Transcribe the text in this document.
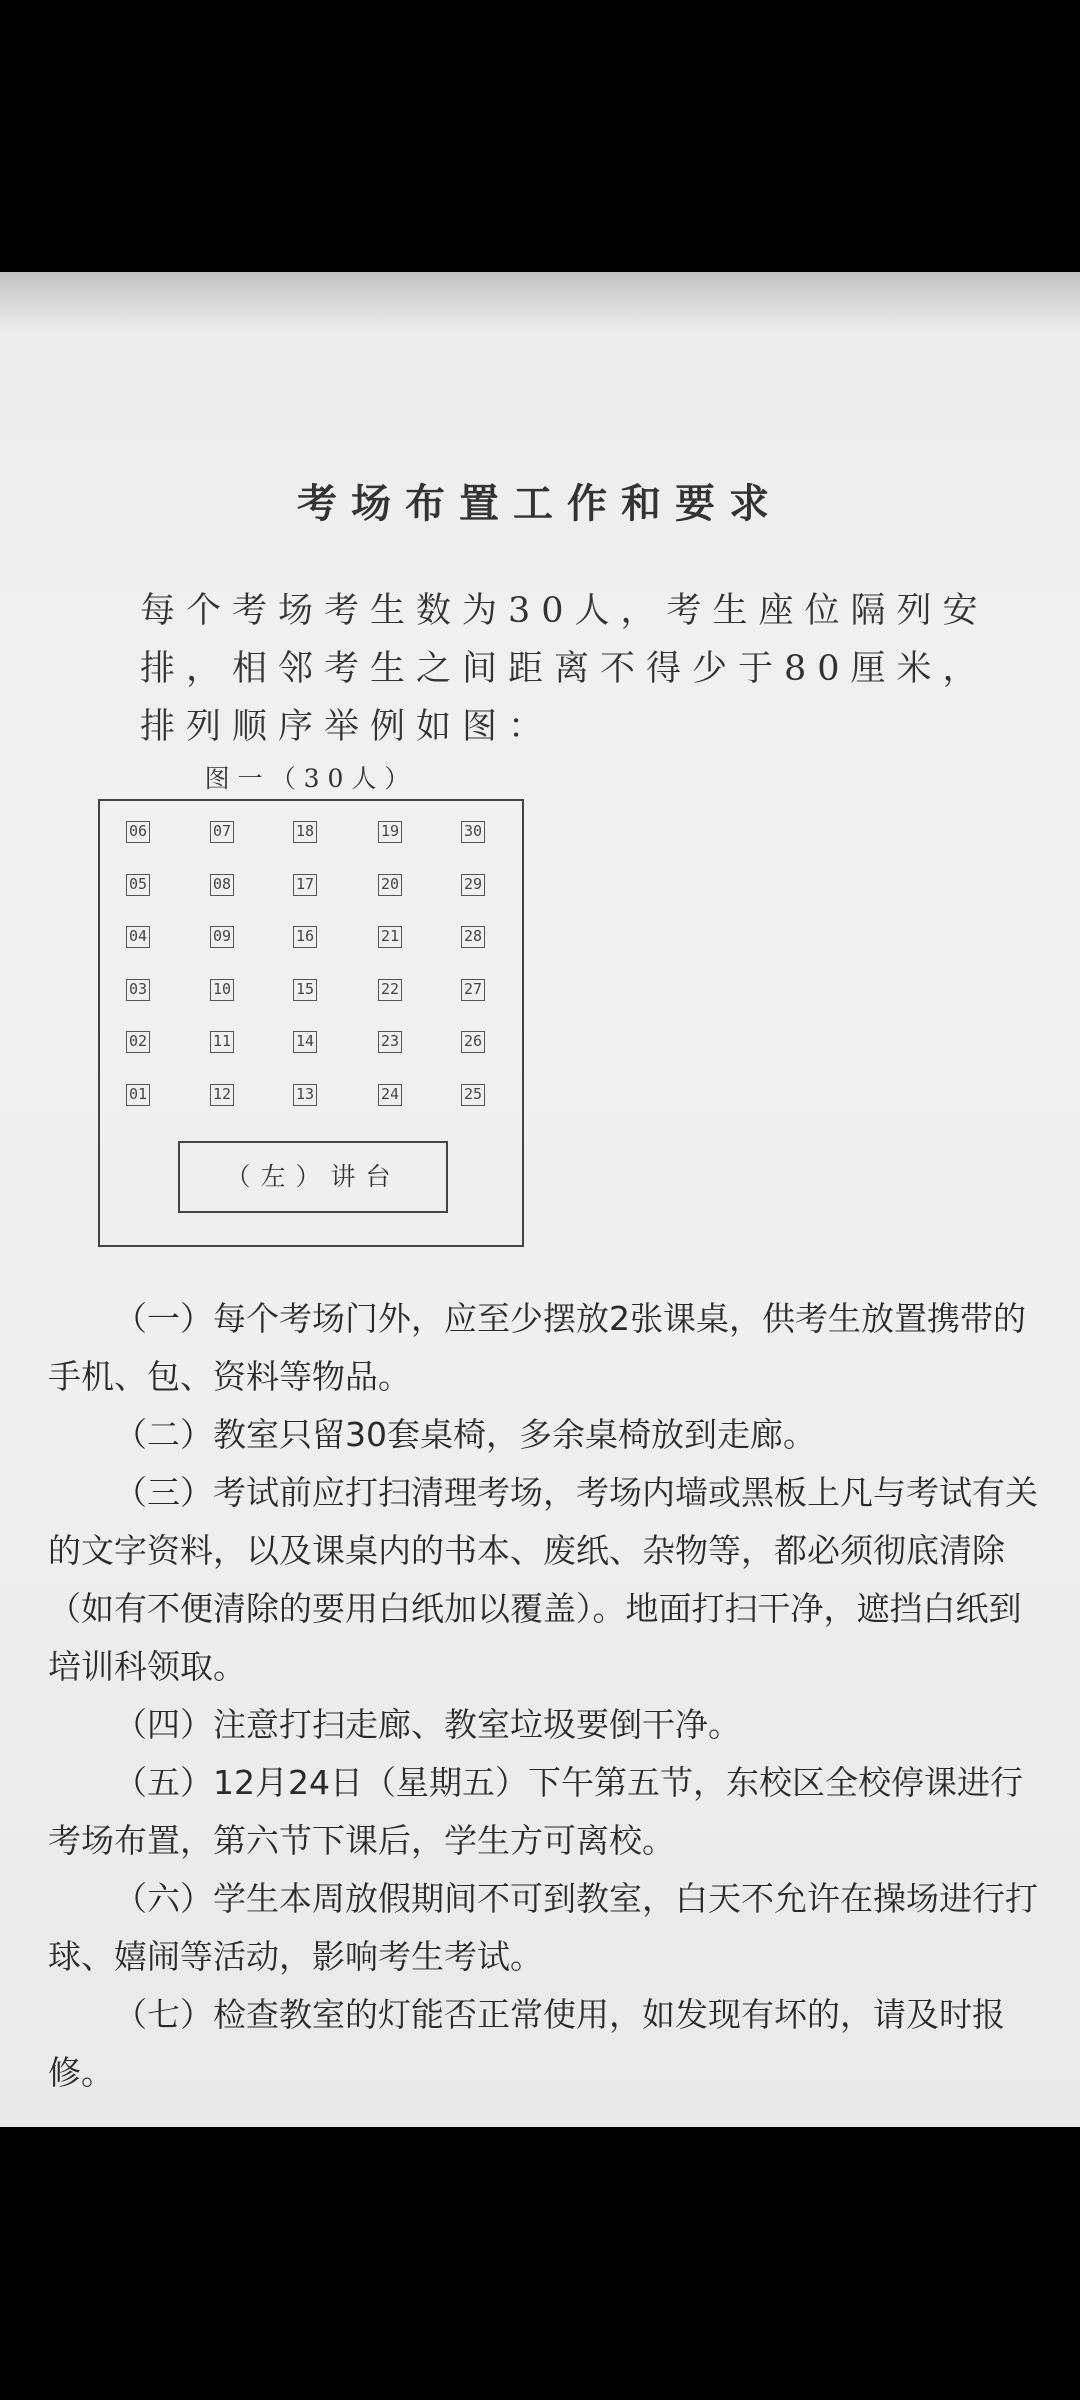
考场布置工作和要求
每个考场考生数为30人，考生座位隔列安排，相邻考生之间距离不得少于80厘米，排列顺序举例如图：
图一（30人）
（左）讲台
06	07	18	19	30
05	08	17	20	29
04	09	16	21	28
03	10	15	22	27
02	11	14	23	26
01	12	13	24	25

（一）每个考场门外，应至少摆放2张课桌，供考生放置携带的手机、包、资料等物品。

（二）教室只留30套桌椅，多余桌椅放到走廊。

（三）考试前应打扫清理考场，考场内墙或黑板上凡与考试有关的文字资料，以及课桌内的书本、废纸、杂物等，都必须彻底清除（如有不便清除的要用白纸加以覆盖）。地面打扫干净，遮挡白纸到培训科领取。

（四）注意打扫走廊、教室垃圾要倒干净。

（五）12月24日（星期五）下午第五节，东校区全校停课进行考场布置，第六节下课后，学生方可离校。

（六）学生本周放假期间不可到教室，白天不允许在操场进行打球、嬉闹等活动，影响考生考试。

（七）检查教室的灯能否正常使用，如发现有坏的，请及时报修。
